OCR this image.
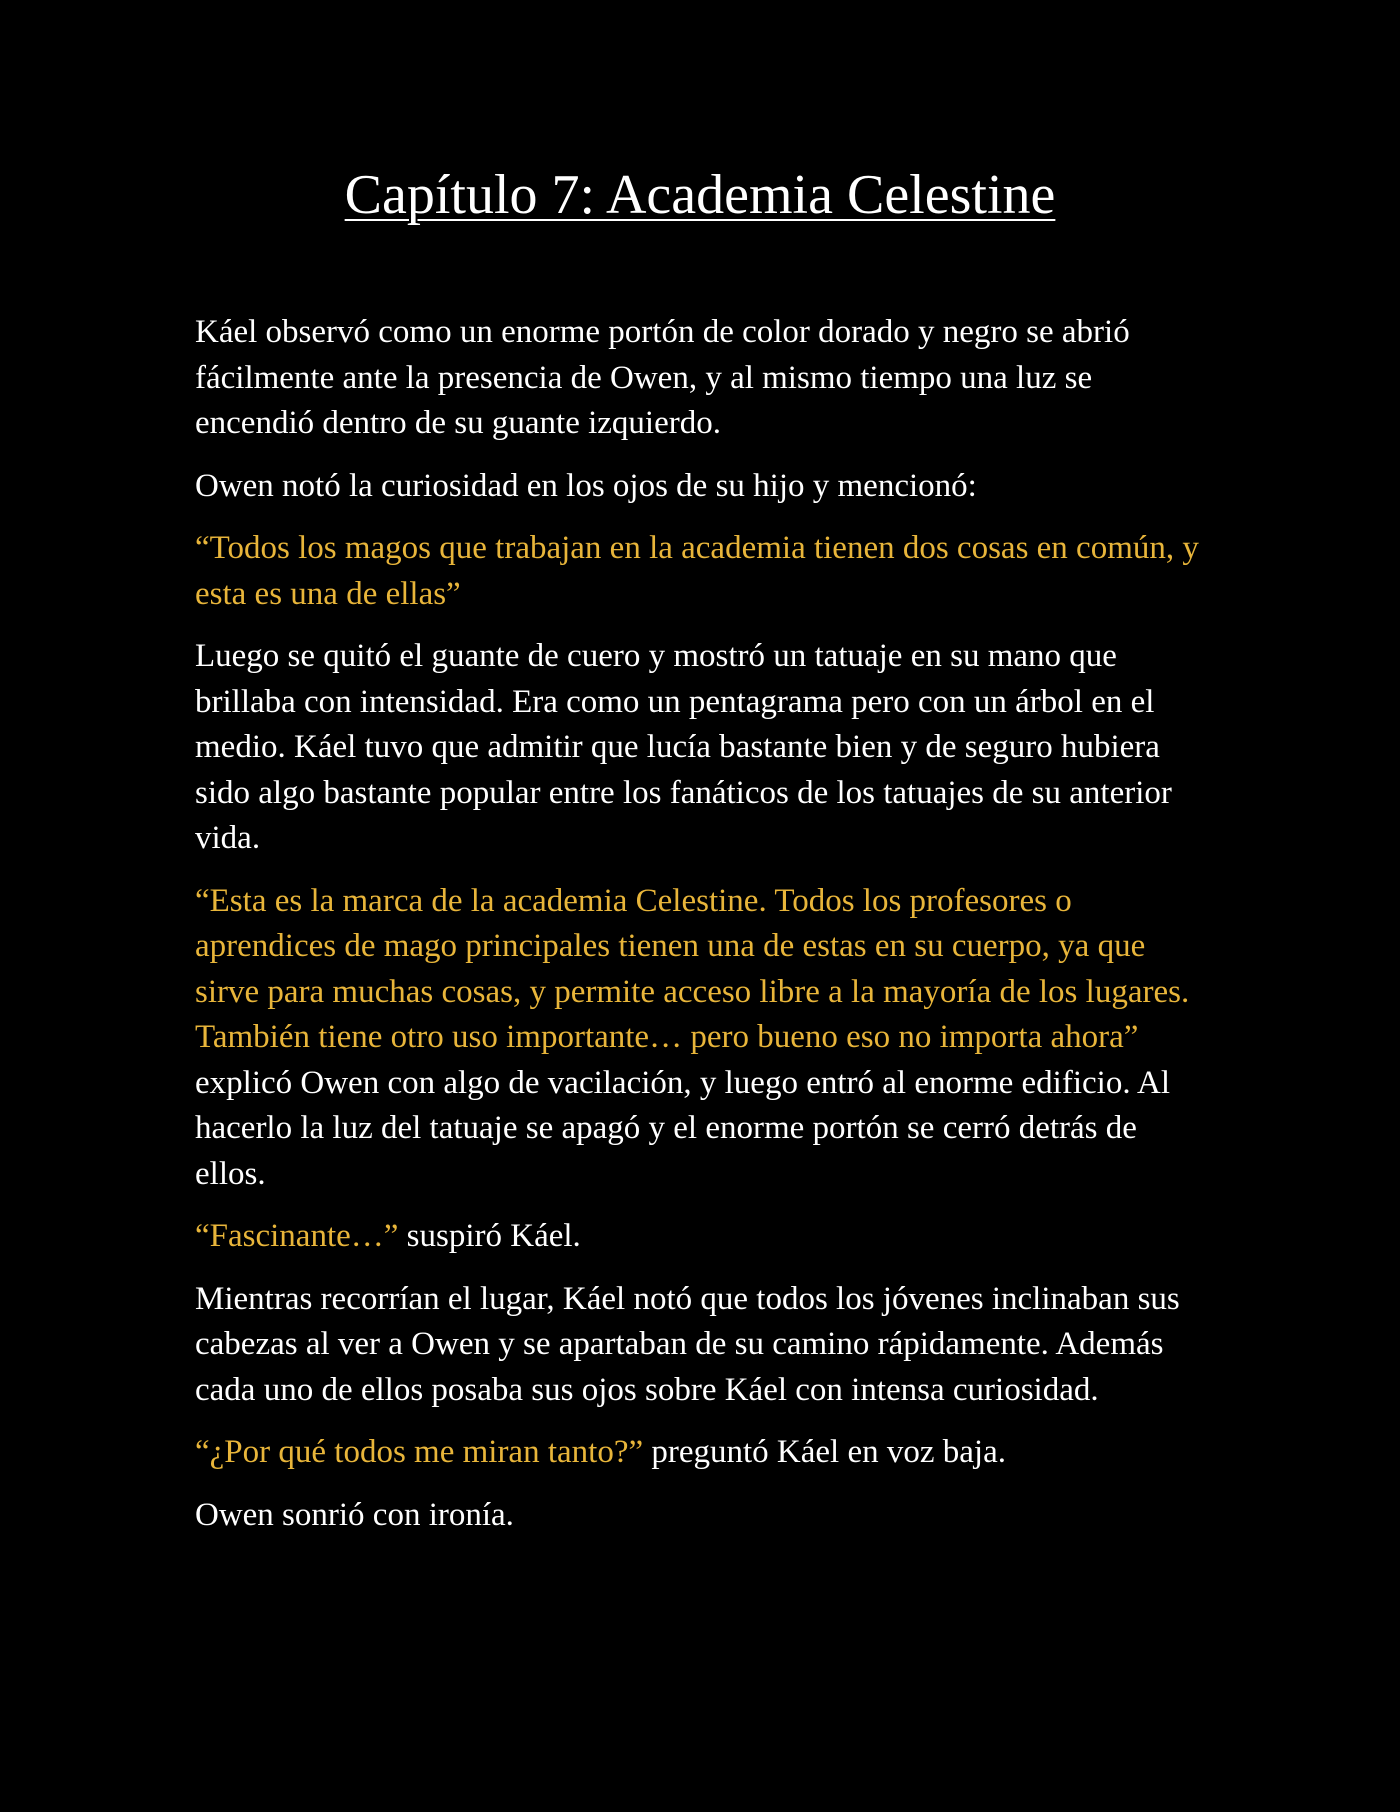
Capítulo 7: Academia Celestine

Káel observó como un enorme portón de color dorado y negro se abrió fácilmente ante la presencia de Owen, y al mismo tiempo una luz se encendió dentro de su guante izquierdo.

Owen notó la curiosidad en los ojos de su hijo y mencionó:

“Todos los magos que trabajan en la academia tienen dos cosas en común, y esta es una de ellas”

Luego se quitó el guante de cuero y mostró un tatuaje en su mano que brillaba con intensidad. Era como un pentagrama pero con un árbol en el medio. Káel tuvo que admitir que lucía bastante bien y de seguro hubiera sido algo bastante popular entre los fanáticos de los tatuajes de su anterior vida.

“Esta es la marca de la academia Celestine. Todos los profesores o aprendices de mago principales tienen una de estas en su cuerpo, ya que sirve para muchas cosas, y permite acceso libre a la mayoría de los lugares. También tiene otro uso importante… pero bueno eso no importa ahora” explicó Owen con algo de vacilación, y luego entró al enorme edificio. Al hacerlo la luz del tatuaje se apagó y el enorme portón se cerró detrás de ellos.

“Fascinante…” suspiró Káel.

Mientras recorrían el lugar, Káel notó que todos los jóvenes inclinaban sus cabezas al ver a Owen y se apartaban de su camino rápidamente. Además cada uno de ellos posaba sus ojos sobre Káel con intensa curiosidad.

“¿Por qué todos me miran tanto?” preguntó Káel en voz baja.

Owen sonrió con ironía.
